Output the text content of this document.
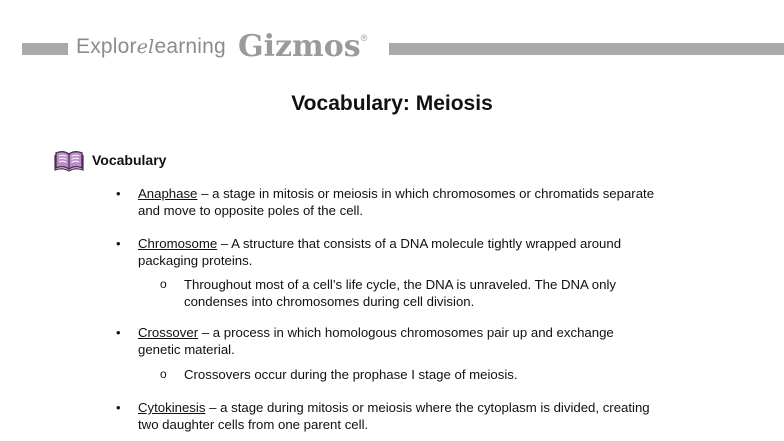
Explorelearning Gizmos®
Vocabulary: Meiosis
Vocabulary
• Anaphase – a stage in mitosis or meiosis in which chromosomes or chromatids separate
and move to opposite poles of the cell.
• Chromosome – A structure that consists of a DNA molecule tightly wrapped around
packaging proteins.
o Throughout most of a cell’s life cycle, the DNA is unraveled. The DNA only
condenses into chromosomes during cell division.
• Crossover – a process in which homologous chromosomes pair up and exchange
genetic material.
o Crossovers occur during the prophase I stage of meiosis.
• Cytokinesis – a stage during mitosis or meiosis where the cytoplasm is divided, creating
two daughter cells from one parent cell.
